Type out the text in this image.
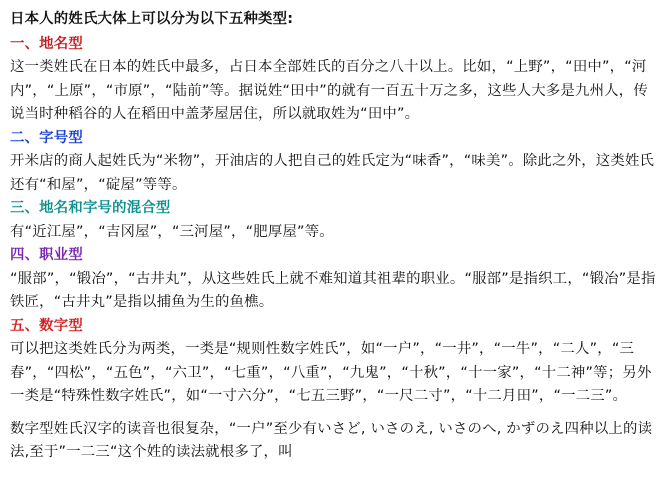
日本人的姓氏大体上可以分为以下五种类型:
一、地名型
这一类姓氏在日本的姓氏中最多，占日本全部姓氏的百分之八十以上。比如，“上野”，“田中”，“河内”，“上原”，“市原”，“陆前”等。据说姓“田中”的就有一百五十万之多，这些人大多是九州人，传说当时种稻谷的人在稻田中盖茅屋居住，所以就取姓为“田中”。
二、字号型
开米店的商人起姓氏为“米物”，开油店的人把自己的姓氏定为“味香”，“味美”。除此之外，这类姓氏还有“和屋”，“碇屋”等等。
三、地名和字号的混合型
有“近江屋”，“吉冈屋”，“三河屋”，“肥厚屋”等。
四、职业型
“服部”，“锻冶”，“古井丸”，从这些姓氏上就不难知道其祖辈的职业。“服部”是指织工，“锻冶”是指铁匠，“古井丸”是指以捕鱼为生的鱼樵。
五、数字型
可以把这类姓氏分为两类，一类是“规则性数字姓氏”，如“一户”，“一井”，“一牛”，“二人”，“三春”，“四松”，“五色”，“六卫”，“七重”，“八重”，“九鬼”，“十秋”，“十一家”，“十二神”等；另外一类是“特殊性数字姓氏”，如“一寸六分”，“七五三野”，“一尺二寸”，“十二月田”，“一二三”。
数字型姓氏汉字的读音也很复杂，“一户”至少有いさど, いさのえ, いさのへ, かずのえ四种以上的读法,至于”一二三“这个姓的读法就根多了，叫
